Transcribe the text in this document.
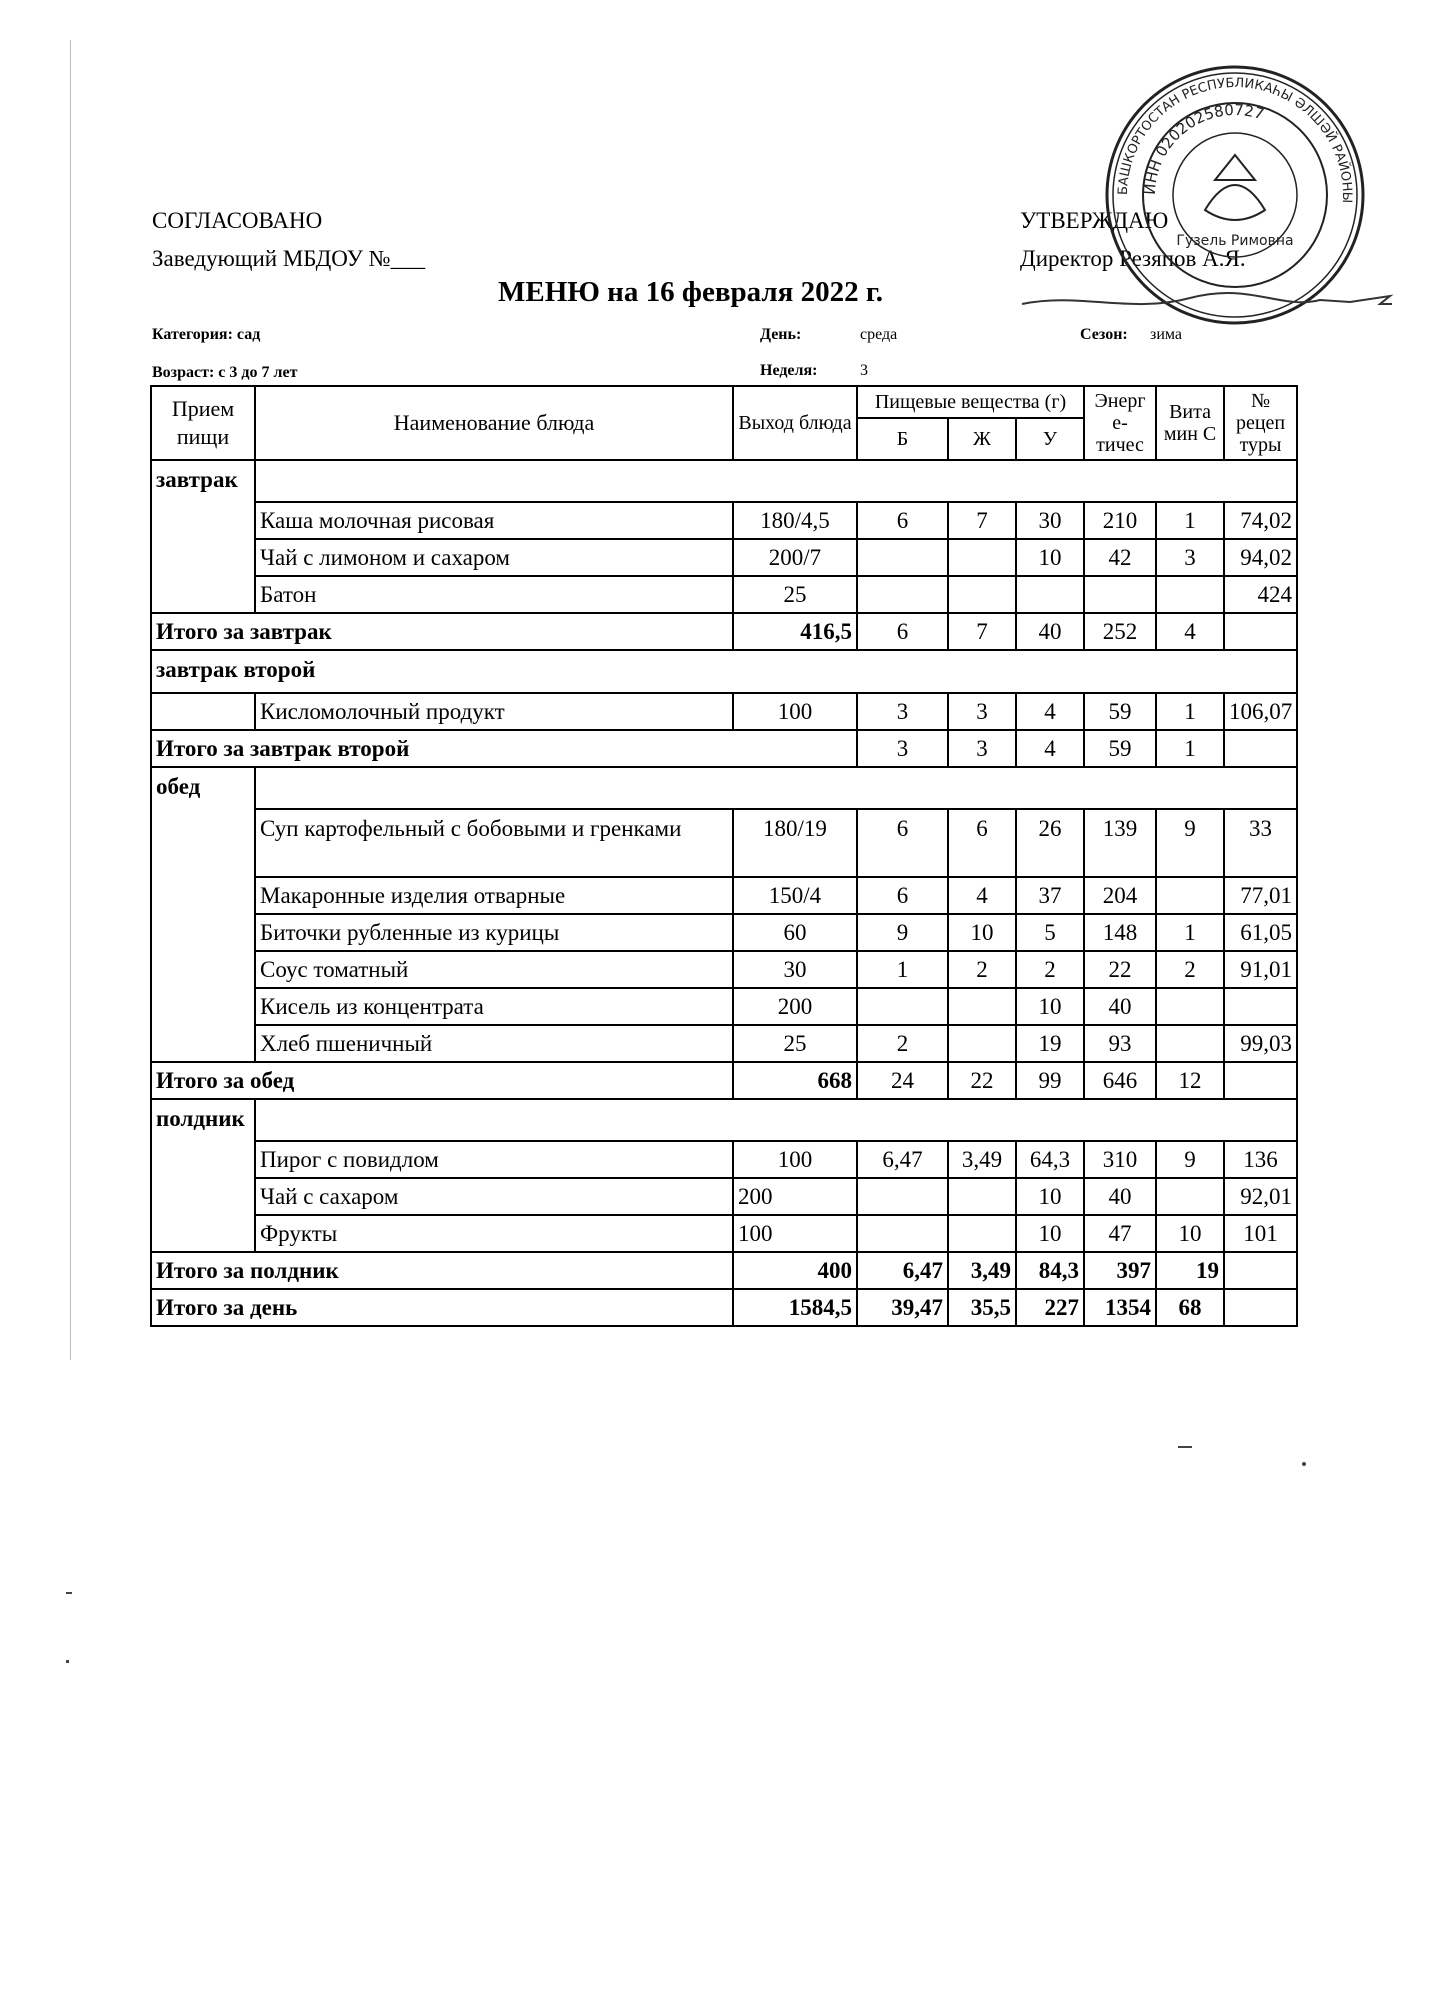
СОГЛАСОВАНО
Заведующий МБДОУ №___
УТВЕРЖДАЮ
Директор Резяпов А.Я.
МЕНЮ на 16 февраля 2022 г.
Категория: сад	День:	среда	Сезон: зима
Возраст: с 3 до 7 лет	Неделя:	3
БАШКОРТОСТАН РЕСПУБЛИКАҺЫ ӘЛШӘЙ РАЙОНЫ
ИНН 020202580727
Гузель Римовна
Прием пищи	Наименование блюда	Выход блюда	Пищевые вещества (г)			Энерг е- тичес	Вита мин С	№ рецеп туры
			Б	Ж	У			
завтрак								
	Каша молочная рисовая	180/4,5	6	7	30	210	1	74,02
	Чай с лимоном и сахаром	200/7			10	42	3	94,02
	Батон	25						424
Итого за завтрак		416,5	6	7	40	252	4	
завтрак второй								
	Кисломолочный продукт	100	3	3	4	59	1	106,07
Итого за завтрак второй			3	3	4	59	1	
обед								
	Суп картофельный с бобовыми и гренками	180/19	6	6	26	139	9	33
	Макаронные изделия отварные	150/4	6	4	37	204		77,01
	Биточки рубленные из курицы	60	9	10	5	148	1	61,05
	Соус томатный	30	1	2	2	22	2	91,01
	Кисель из концентрата	200			10	40		
	Хлеб пшеничный	25	2		19	93		99,03
Итого за обед		668	24	22	99	646	12	
полдник								
	Пирог с повидлом	100	6,47	3,49	64,3	310	9	136
	Чай с сахаром	200			10	40		92,01
	Фрукты	100			10	47	10	101
Итого за полдник		400	6,47	3,49	84,3	397	19	
Итого за день		1584,5	39,47	35,5	227	1354	68	
